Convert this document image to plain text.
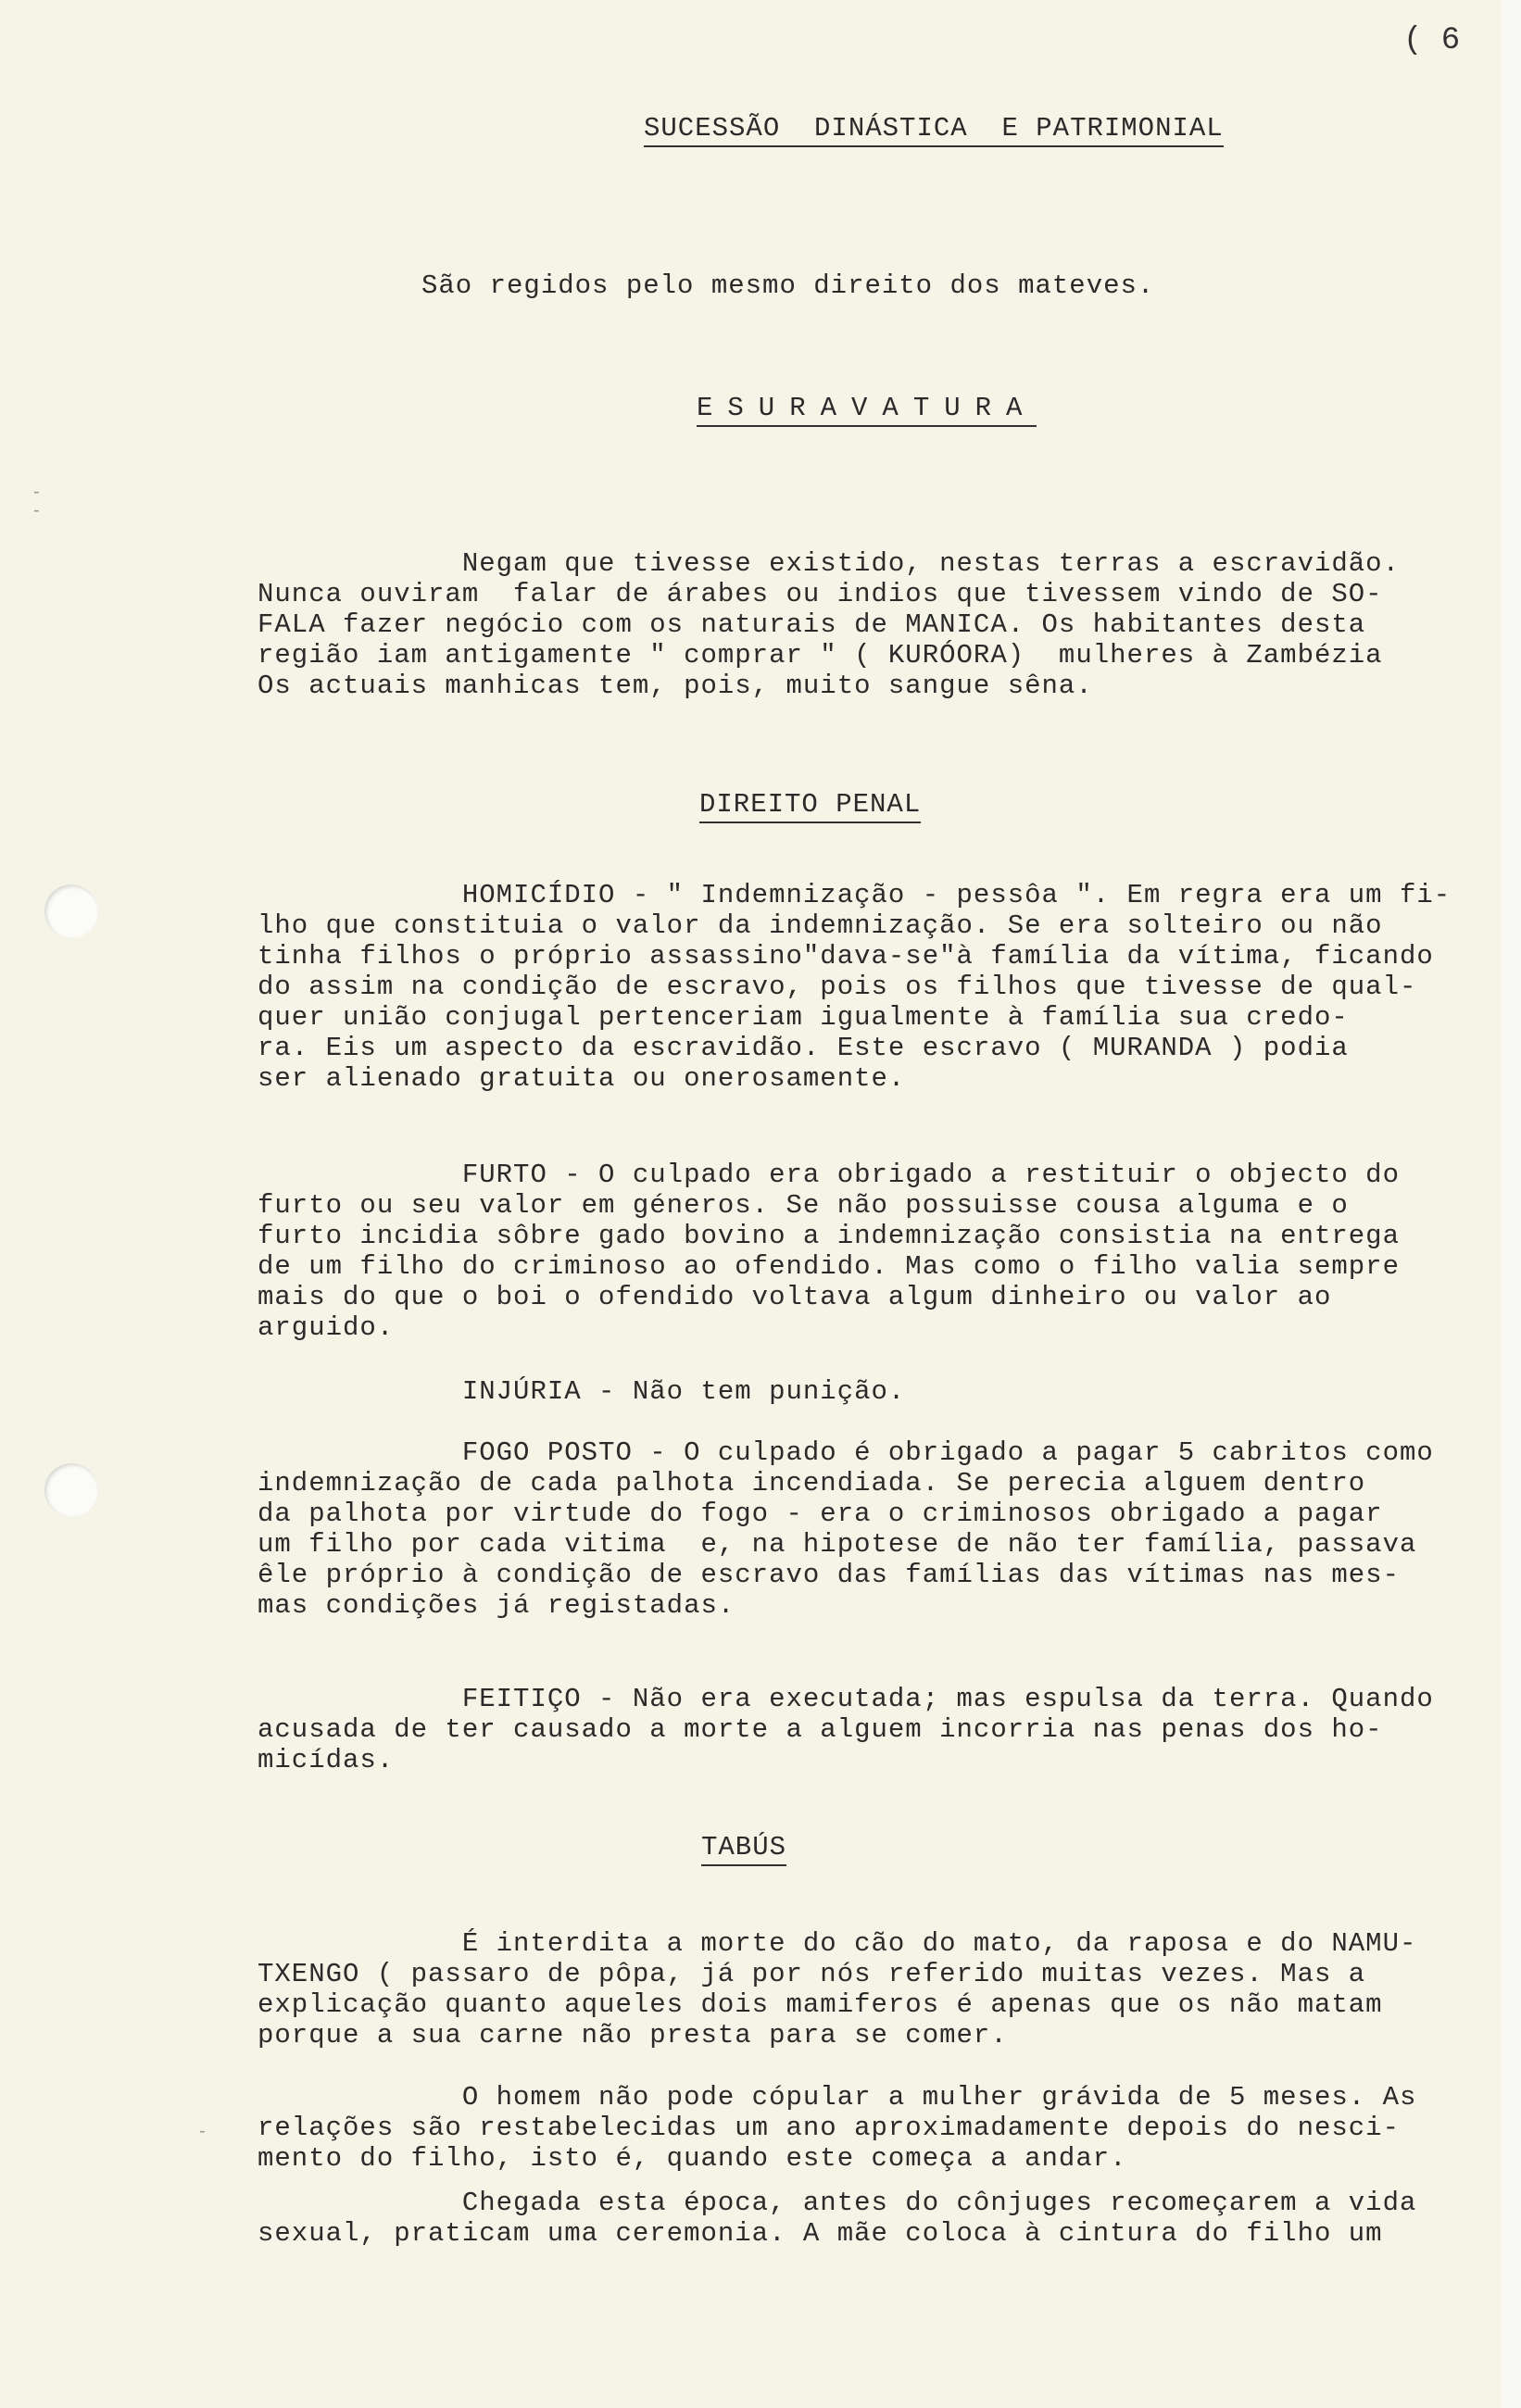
( 6
SUCESSÃO  DINÁSTICA  E PATRIMONIAL
São regidos pelo mesmo direito dos mateves.
ESURAVATURA
Negam que tivesse existido, nestas terras a escravidão.
Nunca ouviram  falar de árabes ou indios que tivessem vindo de SO-
FALA fazer negócio com os naturais de MANICA. Os habitantes desta
região iam antigamente " comprar " ( KURÓORA)  mulheres à Zambézia
Os actuais manhicas tem, pois, muito sangue sêna.
DIREITO PENAL
HOMICÍDIO - " Indemnização - pessôa ". Em regra era um fi-
lho que constituia o valor da indemnização. Se era solteiro ou não
tinha filhos o próprio assassino"dava-se"à família da vítima, ficando
do assim na condição de escravo, pois os filhos que tivesse de qual-
quer união conjugal pertenceriam igualmente à família sua credo-
ra. Eis um aspecto da escravidão. Este escravo ( MURANDA ) podia
ser alienado gratuita ou onerosamente.
FURTO - O culpado era obrigado a restituir o objecto do
furto ou seu valor em géneros. Se não possuisse cousa alguma e o
furto incidia sôbre gado bovino a indemnização consistia na entrega
de um filho do criminoso ao ofendido. Mas como o filho valia sempre
mais do que o boi o ofendido voltava algum dinheiro ou valor ao
arguido.
INJÚRIA - Não tem punição.
FOGO POSTO - O culpado é obrigado a pagar 5 cabritos como
indemnização de cada palhota incendiada. Se perecia alguem dentro
da palhota por virtude do fogo - era o criminosos obrigado a pagar
um filho por cada vitima  e, na hipotese de não ter família, passava
êle próprio à condição de escravo das famílias das vítimas nas mes-
mas condições já registadas.
FEITIÇO - Não era executada; mas espulsa da terra. Quando
acusada de ter causado a morte a alguem incorria nas penas dos ho-
micídas.
TABÚS
É interdita a morte do cão do mato, da raposa e do NAMU-
TXENGO ( passaro de pôpa, já por nós referido muitas vezes. Mas a
explicação quanto aqueles dois mamiferos é apenas que os não matam
porque a sua carne não presta para se comer.
O homem não pode cópular a mulher grávida de 5 meses. As
relações são restabelecidas um ano aproximadamente depois do nesci-
mento do filho, isto é, quando este começa a andar.
Chegada esta época, antes do cônjuges recomeçarem a vida
sexual, praticam uma ceremonia. A mãe coloca à cintura do filho um
-
-
-
